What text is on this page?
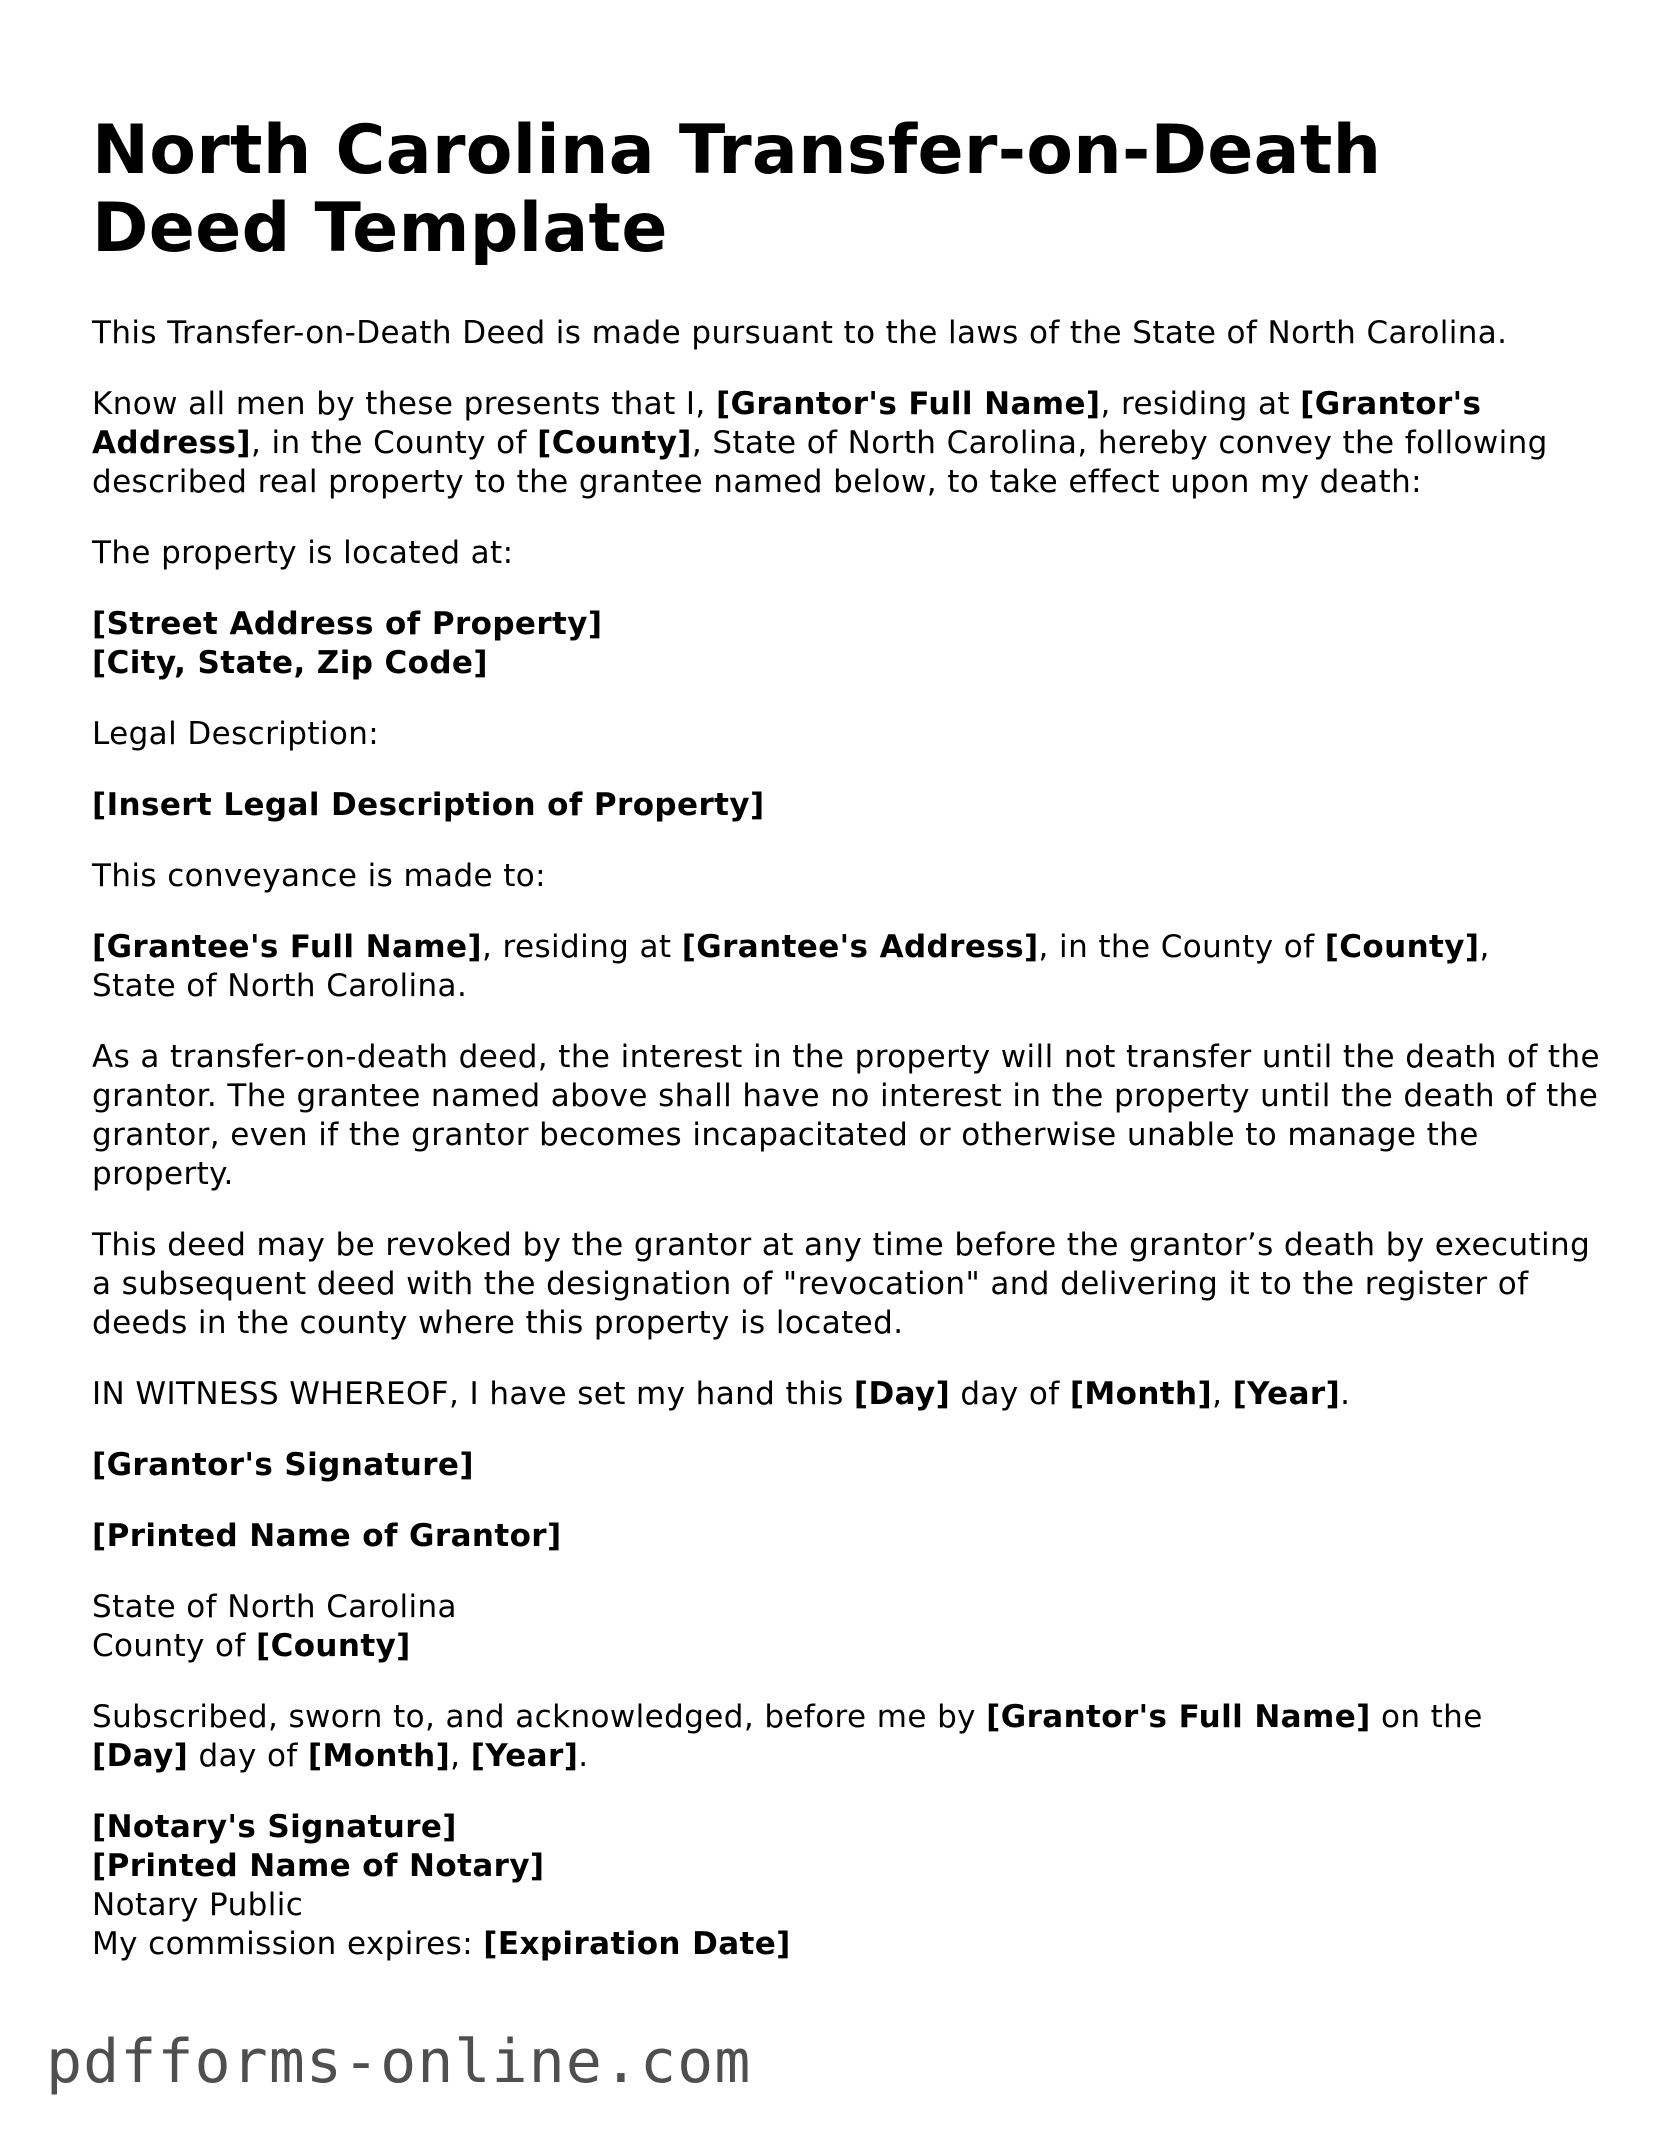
North Carolina Transfer-on-Death Deed Template

This Transfer-on-Death Deed is made pursuant to the laws of the State of North Carolina.

Know all men by these presents that I, [Grantor's Full Name], residing at [Grantor's Address], in the County of [County], State of North Carolina, hereby convey the following described real property to the grantee named below, to take effect upon my death:

The property is located at:

[Street Address of Property]
[City, State, Zip Code]

Legal Description:

[Insert Legal Description of Property]

This conveyance is made to:

[Grantee's Full Name], residing at [Grantee's Address], in the County of [County],
State of North Carolina.

As a transfer-on-death deed, the interest in the property will not transfer until the death of the grantor. The grantee named above shall have no interest in the property until the death of the grantor, even if the grantor becomes incapacitated or otherwise unable to manage the property.

This deed may be revoked by the grantor at any time before the grantor’s death by executing a subsequent deed with the designation of "revocation" and delivering it to the register of deeds in the county where this property is located.

IN WITNESS WHEREOF, I have set my hand this [Day] day of [Month], [Year].

[Grantor's Signature]

[Printed Name of Grantor]

State of North Carolina
County of [County]

Subscribed, sworn to, and acknowledged, before me by [Grantor's Full Name] on the
[Day] day of [Month], [Year].

[Notary's Signature]
[Printed Name of Notary]
Notary Public
My commission expires: [Expiration Date]

pdfforms-online.com
